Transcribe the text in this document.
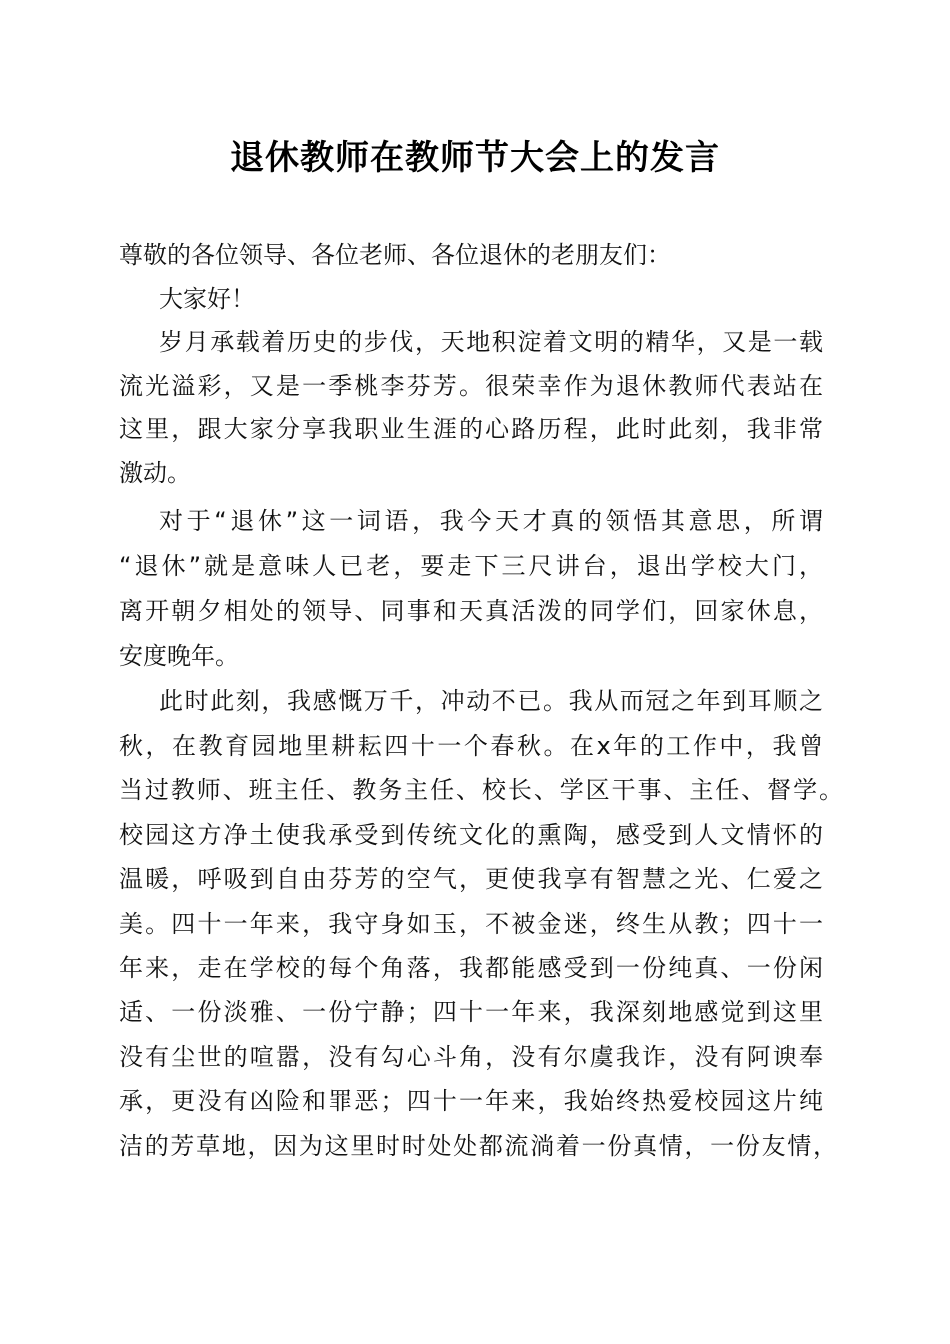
退休教师在教师节大会上的发言

尊敬的各位领导、各位老师、各位退休的老朋友们：

大家好！

岁月承载着历史的步伐，天地积淀着文明的精华，又是一载

流光溢彩，又是一季桃李芬芳。很荣幸作为退休教师代表站在

这里，跟大家分享我职业生涯的心路历程，此时此刻，我非常

激动。

对于“退休”这一词语，我今天才真的领悟其意思，所谓

“退休”就是意味人已老，要走下三尺讲台，退出学校大门，

离开朝夕相处的领导、同事和天真活泼的同学们，回家休息，

安度晚年。

此时此刻，我感慨万千，冲动不已。我从而冠之年到耳顺之

秋，在教育园地里耕耘四十一个春秋。在x年的工作中，我曾

当过教师、班主任、教务主任、校长、学区干事、主任、督学。

校园这方净土使我承受到传统文化的熏陶，感受到人文情怀的

温暖，呼吸到自由芬芳的空气，更使我享有智慧之光、仁爱之

美。四十一年来，我守身如玉，不被金迷，终生从教；四十一

年来，走在学校的每个角落，我都能感受到一份纯真、一份闲

适、一份淡雅、一份宁静；四十一年来，我深刻地感觉到这里

没有尘世的喧嚣，没有勾心斗角，没有尔虞我诈，没有阿谀奉

承，更没有凶险和罪恶；四十一年来，我始终热爱校园这片纯

洁的芳草地，因为这里时时处处都流淌着一份真情，一份友情，
